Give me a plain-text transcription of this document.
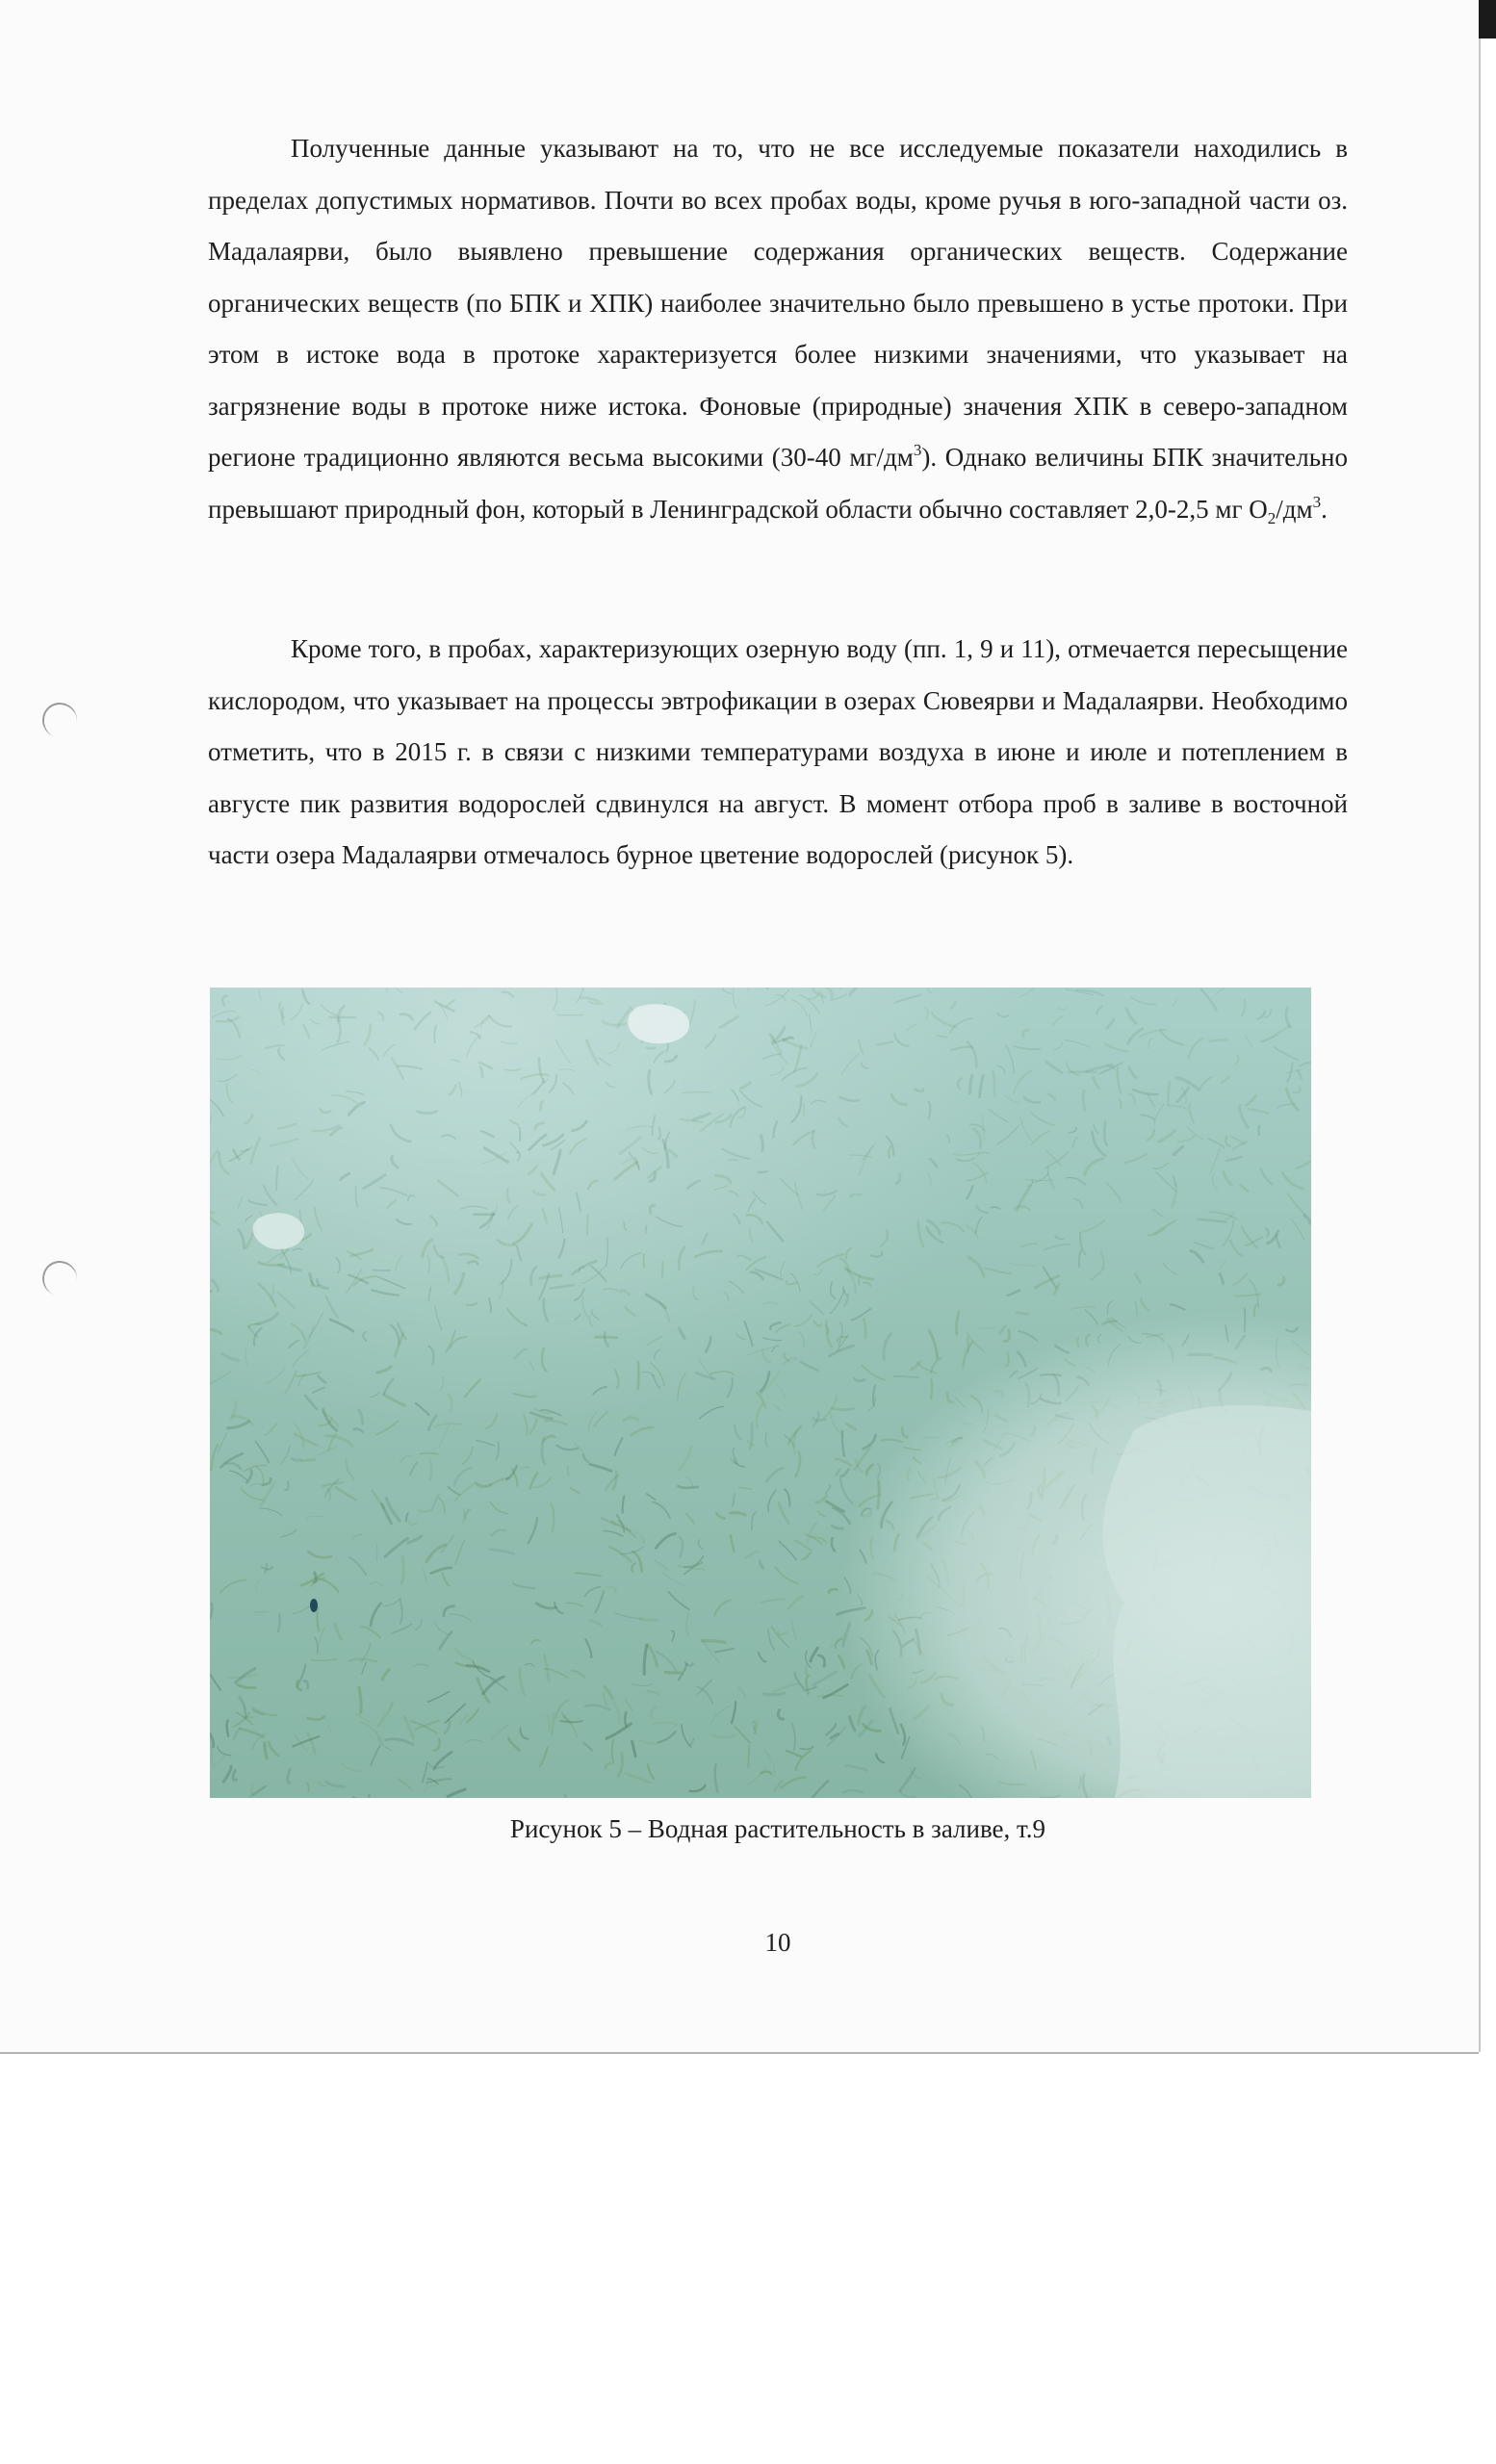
Полученные данные указывают на то, что не все исследуемые показатели находились в пределах допустимых нормативов. Почти во всех пробах воды, кроме ручья в юго-западной части оз. Мадалаярви, было выявлено превышение содержания органических веществ. Содержание органических веществ (по БПК и ХПК) наиболее значительно было превышено в устье протоки. При этом в истоке вода в протоке характеризуется более низкими значениями, что указывает на загрязнение воды в протоке ниже истока. Фоновые (природные) значения ХПК в северо-западном регионе традиционно являются весьма высокими (30-40 $мг/дм^3$). Однако величины БПК значительно превышают природный фон, который в Ленинградской области обычно составляет 2,0-2,5 мг $О_2/дм^3$.

Кроме того, в пробах, характеризующих озерную воду (пп. 1, 9 и 11), отмечается пересыщение кислородом, что указывает на процессы эвтрофикации в озерах Сювеярви и Мадалаярви. Необходимо отметить, что в 2015 г. в связи с низкими температурами воздуха в июне и июле и потеплением в августе пик развития водорослей сдвинулся на август. В момент отбора проб в заливе в восточной части озера Мадалаярви отмечалось бурное цветение водорослей (рисунок 5).

Рисунок 5 – Водная растительность в заливе, т.9
10
